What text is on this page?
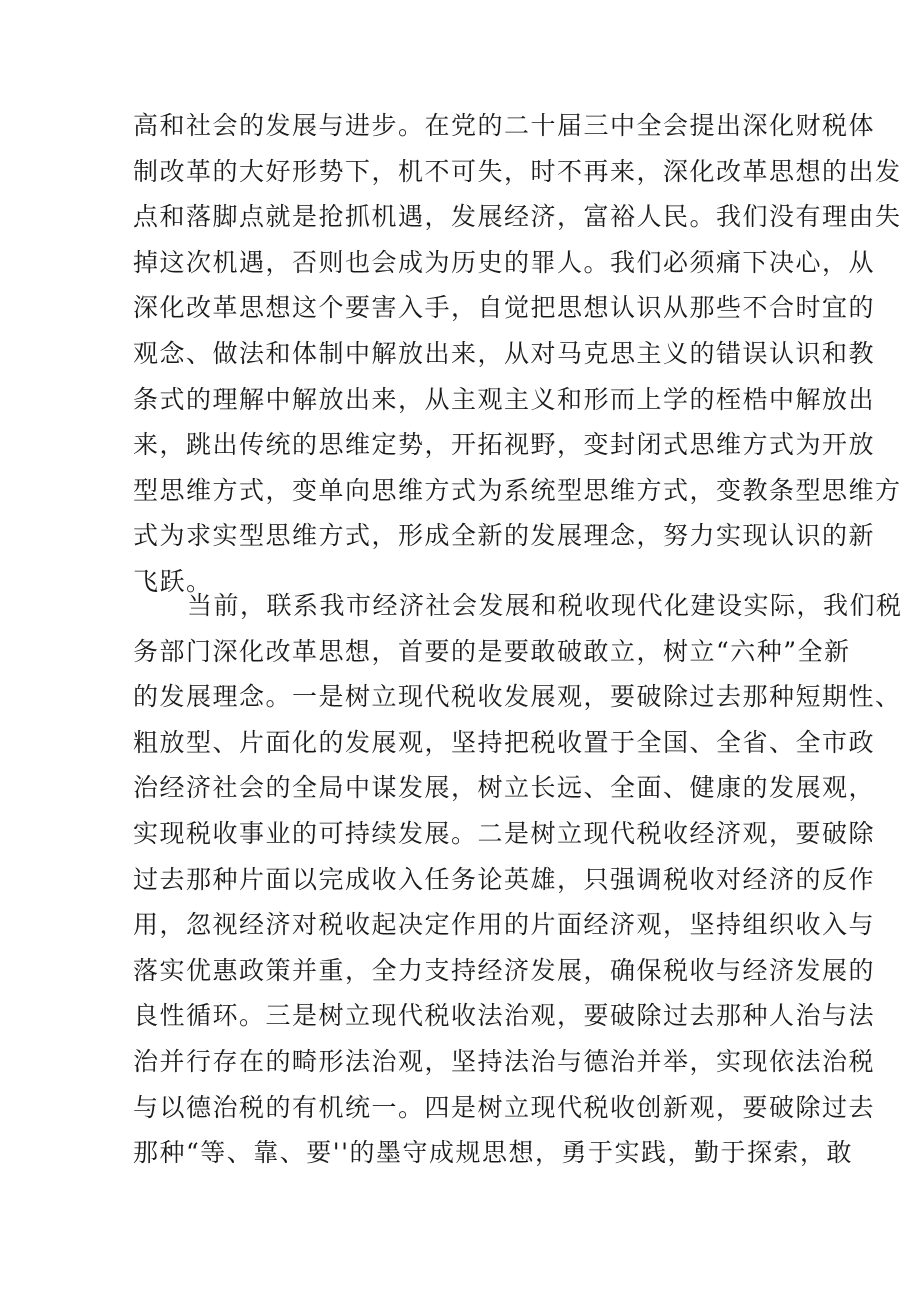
高和社会的发展与进步。在党的二十届三中全会提出深化财税体
制改革的大好形势下，机不可失，时不再来，深化改革思想的出发
点和落脚点就是抢抓机遇，发展经济，富裕人民。我们没有理由失
掉这次机遇，否则也会成为历史的罪人。我们必须痛下决心，从
深化改革思想这个要害入手，自觉把思想认识从那些不合时宜的
观念、做法和体制中解放出来，从对马克思主义的错误认识和教
条式的理解中解放出来，从主观主义和形而上学的桎梏中解放出
来，跳出传统的思维定势，开拓视野，变封闭式思维方式为开放
型思维方式，变单向思维方式为系统型思维方式，变教条型思维方
式为求实型思维方式，形成全新的发展理念，努力实现认识的新
飞跃。
当前，联系我市经济社会发展和税收现代化建设实际，我们税
务部门深化改革思想，首要的是要敢破敢立，树立“六种”全新
的发展理念。一是树立现代税收发展观，要破除过去那种短期性、
粗放型、片面化的发展观，坚持把税收置于全国、全省、全市政
治经济社会的全局中谋发展，树立长远、全面、健康的发展观，
实现税收事业的可持续发展。二是树立现代税收经济观，要破除
过去那种片面以完成收入任务论英雄，只强调税收对经济的反作
用，忽视经济对税收起决定作用的片面经济观，坚持组织收入与
落实优惠政策并重，全力支持经济发展，确保税收与经济发展的
良性循环。三是树立现代税收法治观，要破除过去那种人治与法
治并行存在的畸形法治观，坚持法治与德治并举，实现依法治税
与以德治税的有机统一。四是树立现代税收创新观，要破除过去
那种“等、靠、要''的墨守成规思想，勇于实践，勤于探索，敢
